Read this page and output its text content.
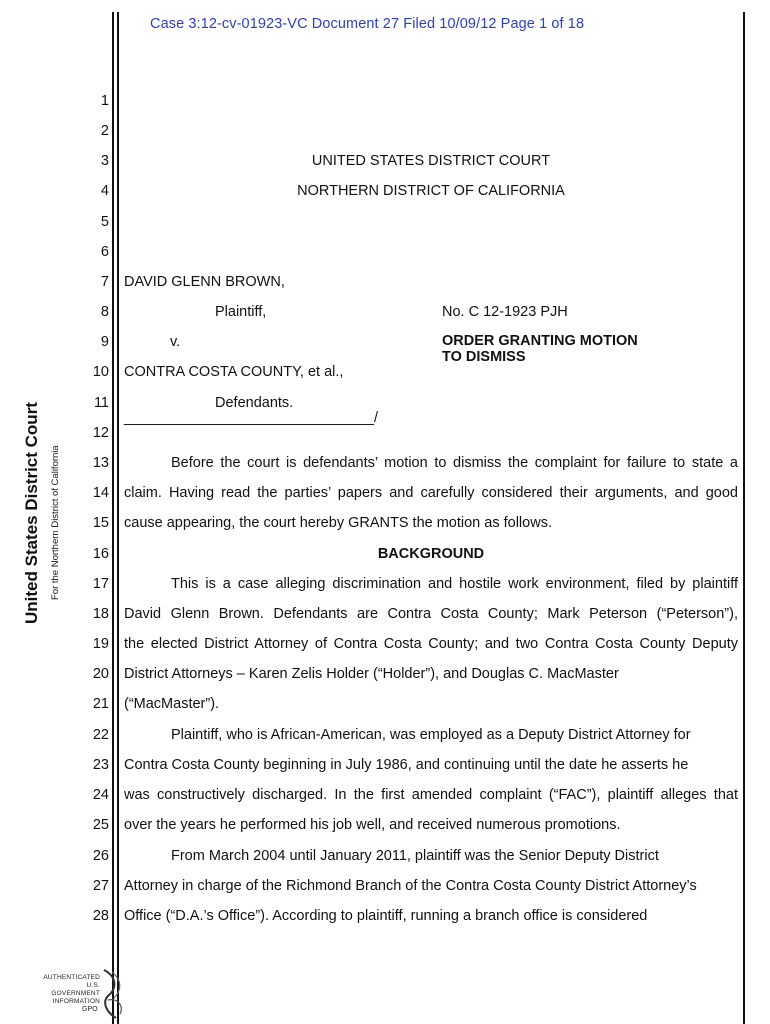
Case 3:12-cv-01923-VC Document 27 Filed 10/09/12 Page 1 of 18
United States District Court For the Northern District of California
1
2
3
4
5
6
7
8
9
10
11
12
13
14
15
16
17
18
19
20
21
22
23
24
25
26
27
28
UNITED STATES DISTRICT COURT
NORTHERN DISTRICT OF CALIFORNIA
DAVID GLENN BROWN,
Plaintiff,	No. C 12-1923 PJH
v.	ORDER GRANTING MOTION
TO DISMISS
CONTRA COSTA COUNTY, et al.,
Defendants.
_______________________________/
Before the court is defendants’ motion to dismiss the complaint for failure to state a
claim. Having read the parties’ papers and carefully considered their arguments, and good
cause appearing, the court hereby GRANTS the motion as follows.
BACKGROUND
This is a case alleging discrimination and hostile work environment, filed by plaintiff
David Glenn Brown. Defendants are Contra Costa County; Mark Peterson (“Peterson”),
the elected District Attorney of Contra Costa County; and two Contra Costa County Deputy
District Attorneys – Karen Zelis Holder (“Holder”), and Douglas C. MacMaster
(“MacMaster”).
Plaintiff, who is African-American, was employed as a Deputy District Attorney for
Contra Costa County beginning in July 1986, and continuing until the date he asserts he
was constructively discharged. In the first amended complaint (“FAC”), plaintiff alleges that
over the years he performed his job well, and received numerous promotions.
From March 2004 until January 2011, plaintiff was the Senior Deputy District
Attorney in charge of the Richmond Branch of the Contra Costa County District Attorney’s
Office (“D.A.’s Office”). According to plaintiff, running a branch office is considered
AUTHENTICATED
U.S. GOVERNMENT
INFORMATION
GPO
